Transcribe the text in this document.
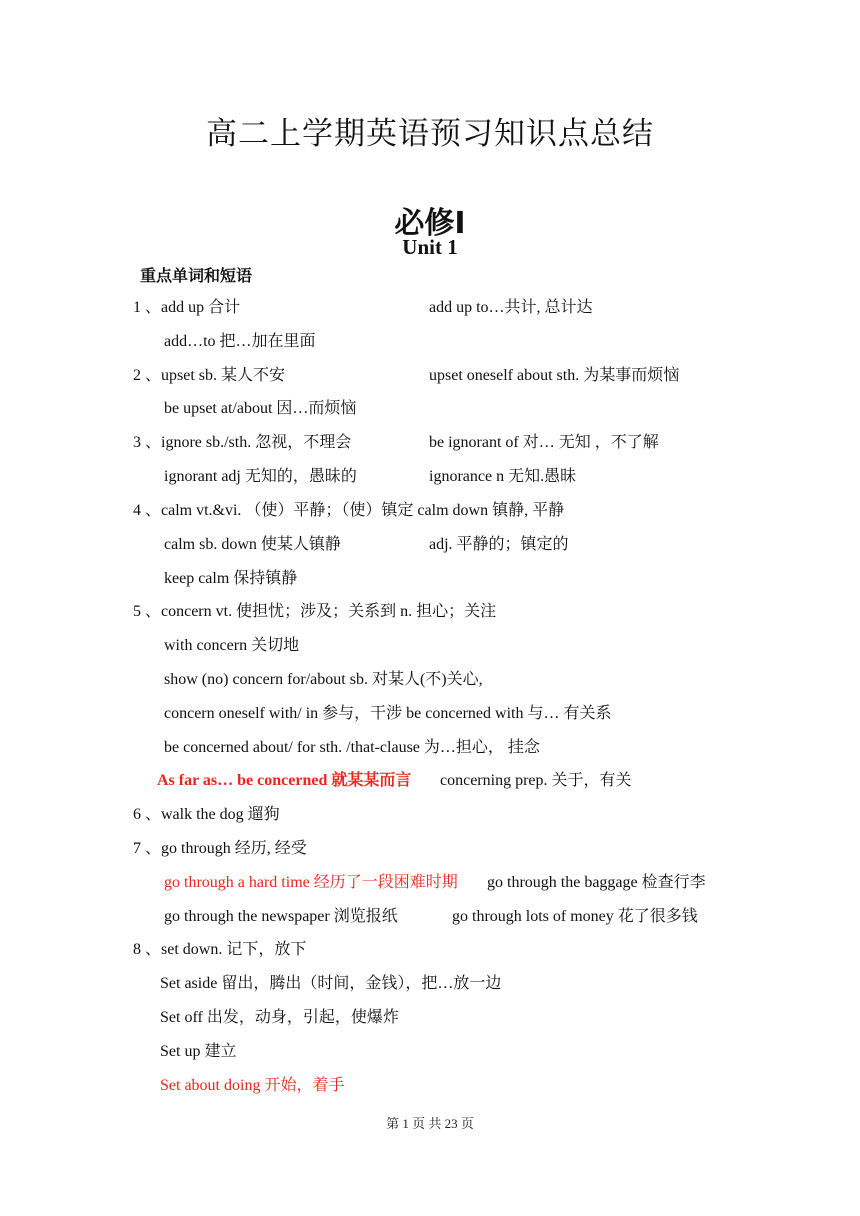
高二上学期英语预习知识点总结
必修Ⅰ
Unit 1
重点单词和短语
1 、add up 合计	add up to…共计, 总计达
add…to 把…加在里面
2 、upset sb. 某人不安	upset oneself about sth. 为某事而烦恼
be upset at/about 因…而烦恼
3 、ignore sb./sth. 忽视，不理会	be ignorant of 对… 无知 ，不了解
ignorant adj 无知的，愚昧的	ignorance n 无知.愚昧
4 、calm vt.&vi. （使）平静；（使）镇定 calm down 镇静, 平静
calm sb. down 使某人镇静	adj. 平静的；镇定的
keep calm 保持镇静
5 、concern vt. 使担忧；涉及；关系到 n. 担心；关注
with concern 关切地
show (no) concern for/about sb. 对某人(不)关心,
concern oneself with/ in 参与，干涉 be concerned with 与… 有关系
be concerned about/ for sth. /that-clause 为…担心， 挂念
As far as… be concerned 就某某而言 concerning prep. 关于，有关
6 、walk the dog 遛狗
7 、go through 经历, 经受
go through a hard time 经历了一段困难时期 go through the baggage 检查行李
go through the newspaper 浏览报纸	go through lots of money 花了很多钱
8 、set down. 记下，放下
Set aside 留出，腾出（时间，金钱），把…放一边
Set off 出发，动身，引起，使爆炸
Set up 建立
Set about doing 开始，着手
第 1 页 共 23 页
